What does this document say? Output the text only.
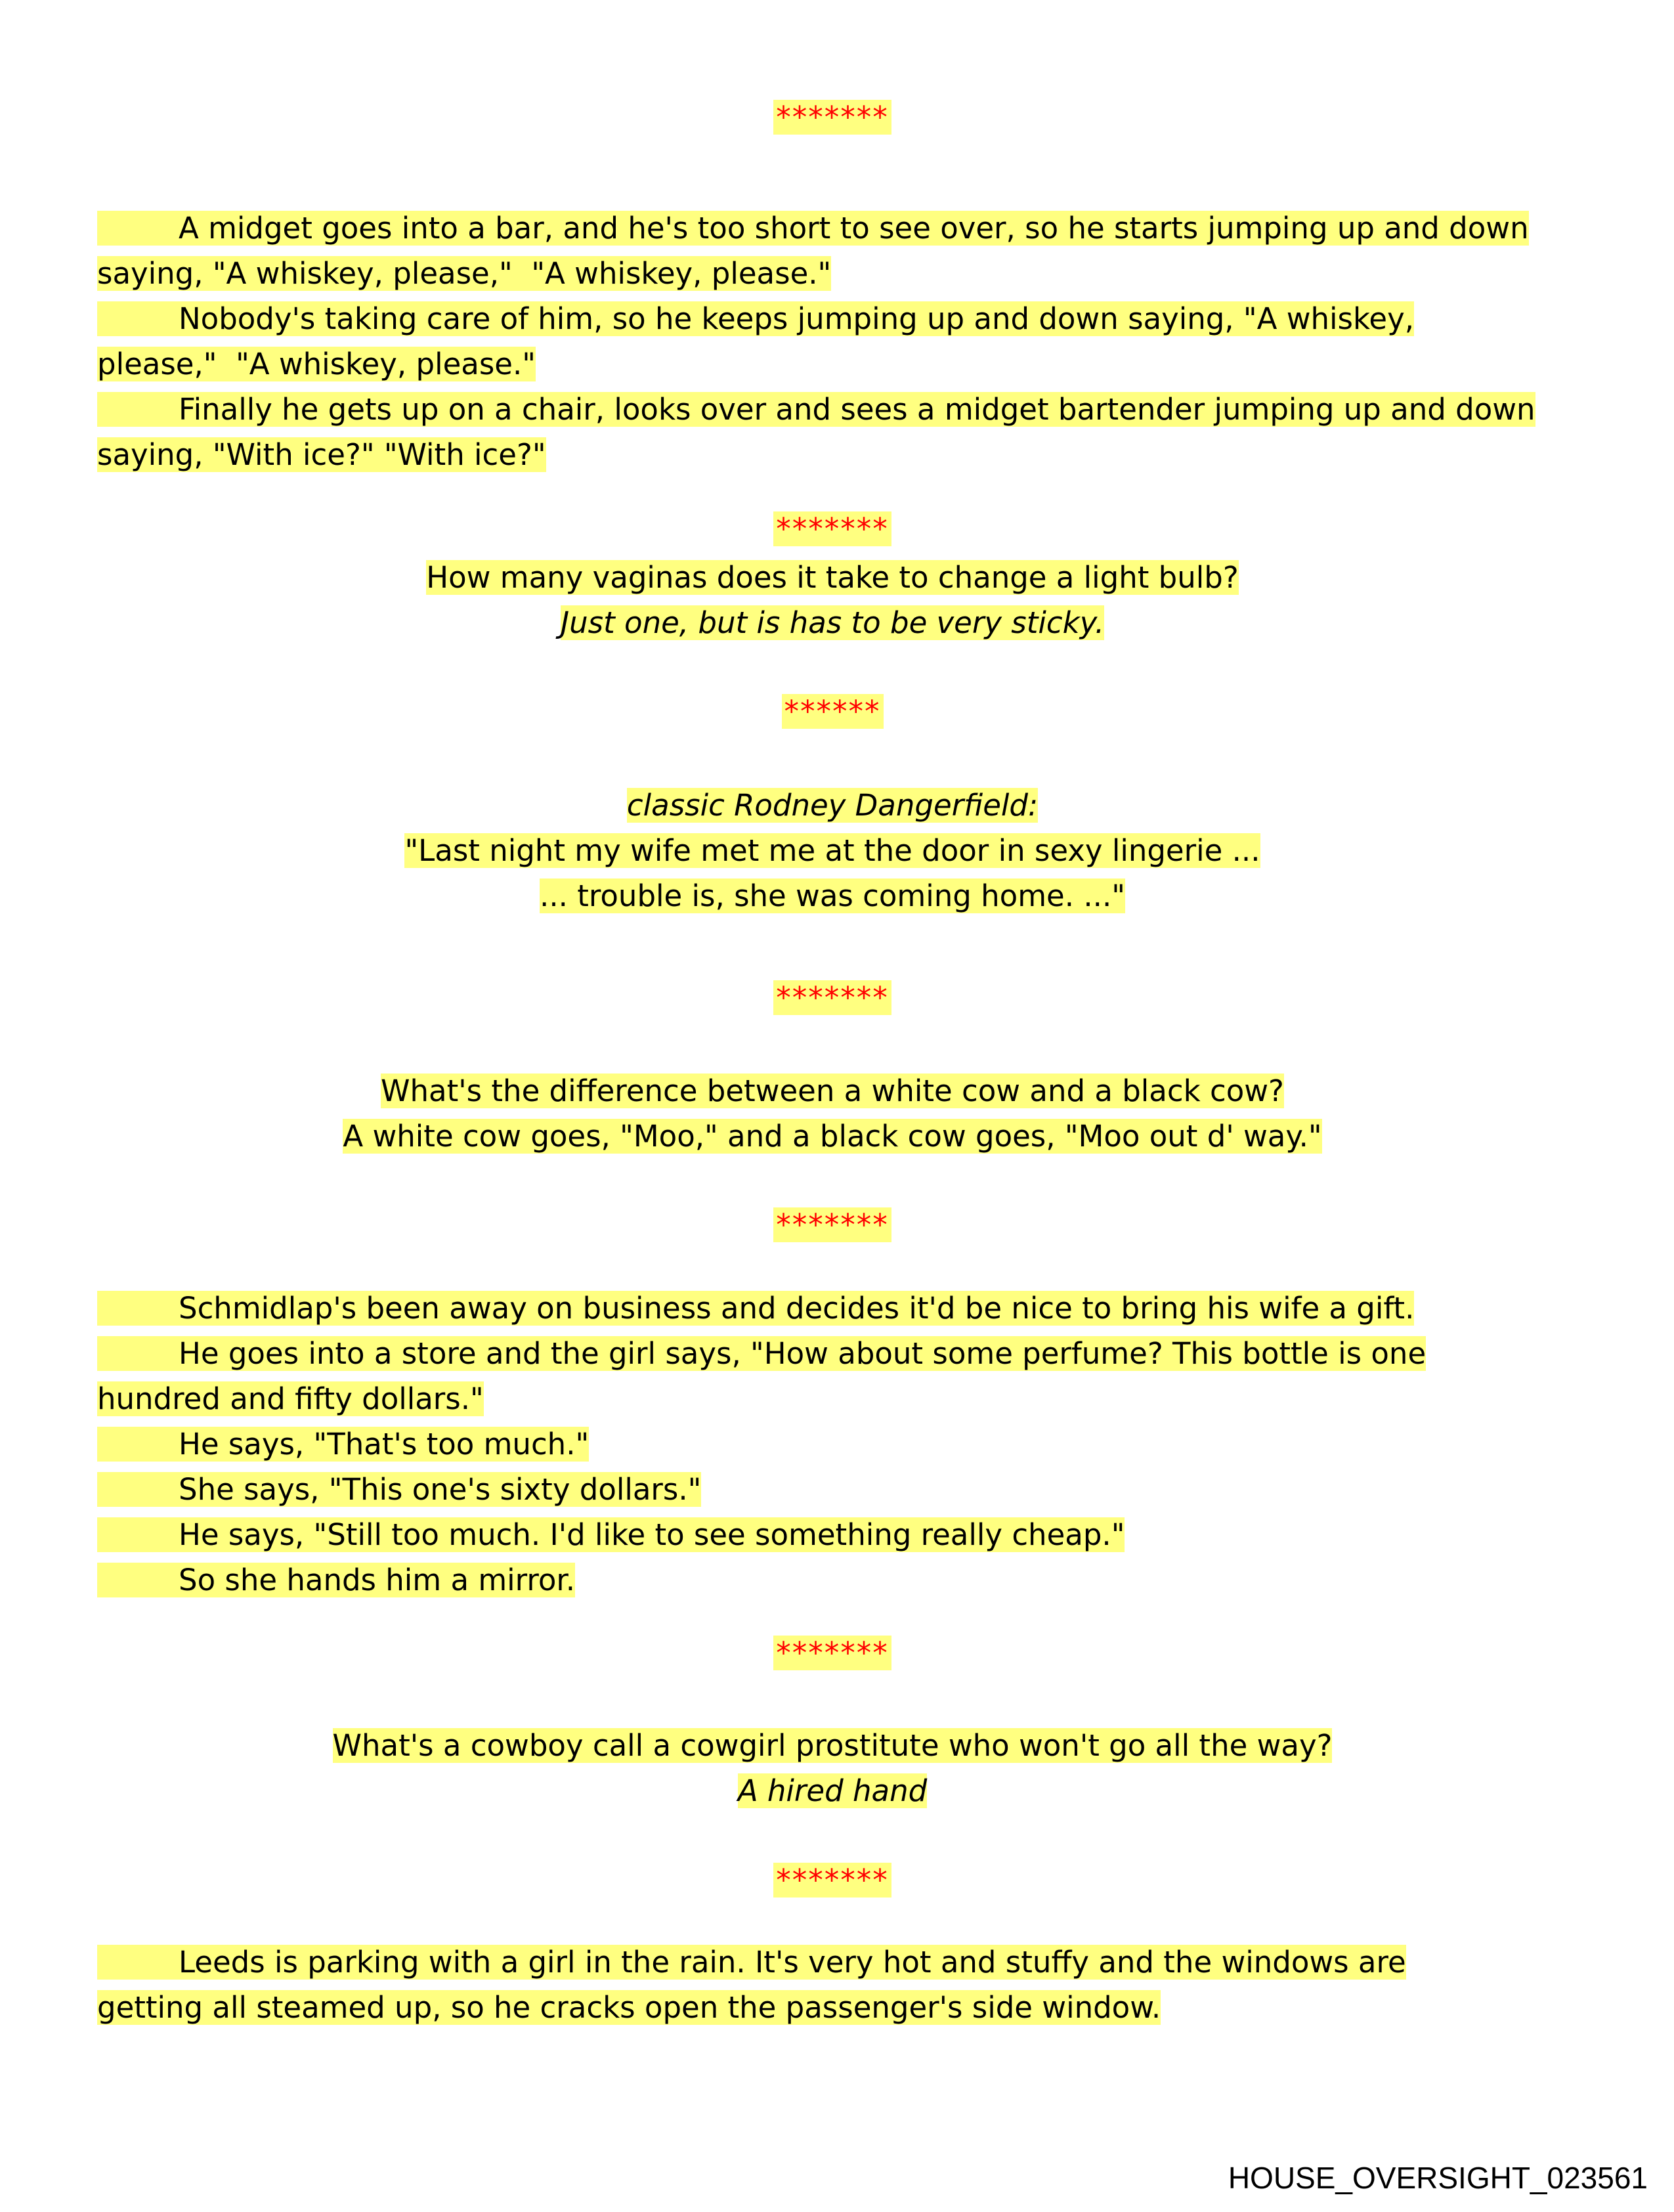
*******
A midget goes into a bar, and he's too short to see over, so he starts jumping up and down
saying, "A whiskey, please,"  "A whiskey, please."
Nobody's taking care of him, so he keeps jumping up and down saying, "A whiskey,
please,"  "A whiskey, please."
Finally he gets up on a chair, looks over and sees a midget bartender jumping up and down
saying, "With ice?" "With ice?"
*******
How many vaginas does it take to change a light bulb?
Just one, but is has to be very sticky.
******
classic Rodney Dangerfield:
"Last night my wife met me at the door in sexy lingerie ...
... trouble is, she was coming home. ..."
*******
What's the difference between a white cow and a black cow?
A white cow goes, "Moo," and a black cow goes, "Moo out d' way."
*******
Schmidlap's been away on business and decides it'd be nice to bring his wife a gift.
He goes into a store and the girl says, "How about some perfume? This bottle is one
hundred and fifty dollars."
He says, "That's too much."
She says, "This one's sixty dollars."
He says, "Still too much. I'd like to see something really cheap."
So she hands him a mirror.
*******
What's a cowboy call a cowgirl prostitute who won't go all the way?
A hired hand
*******
Leeds is parking with a girl in the rain. It's very hot and stuffy and the windows are
getting all steamed up, so he cracks open the passenger's side window.
HOUSE_OVERSIGHT_023561
